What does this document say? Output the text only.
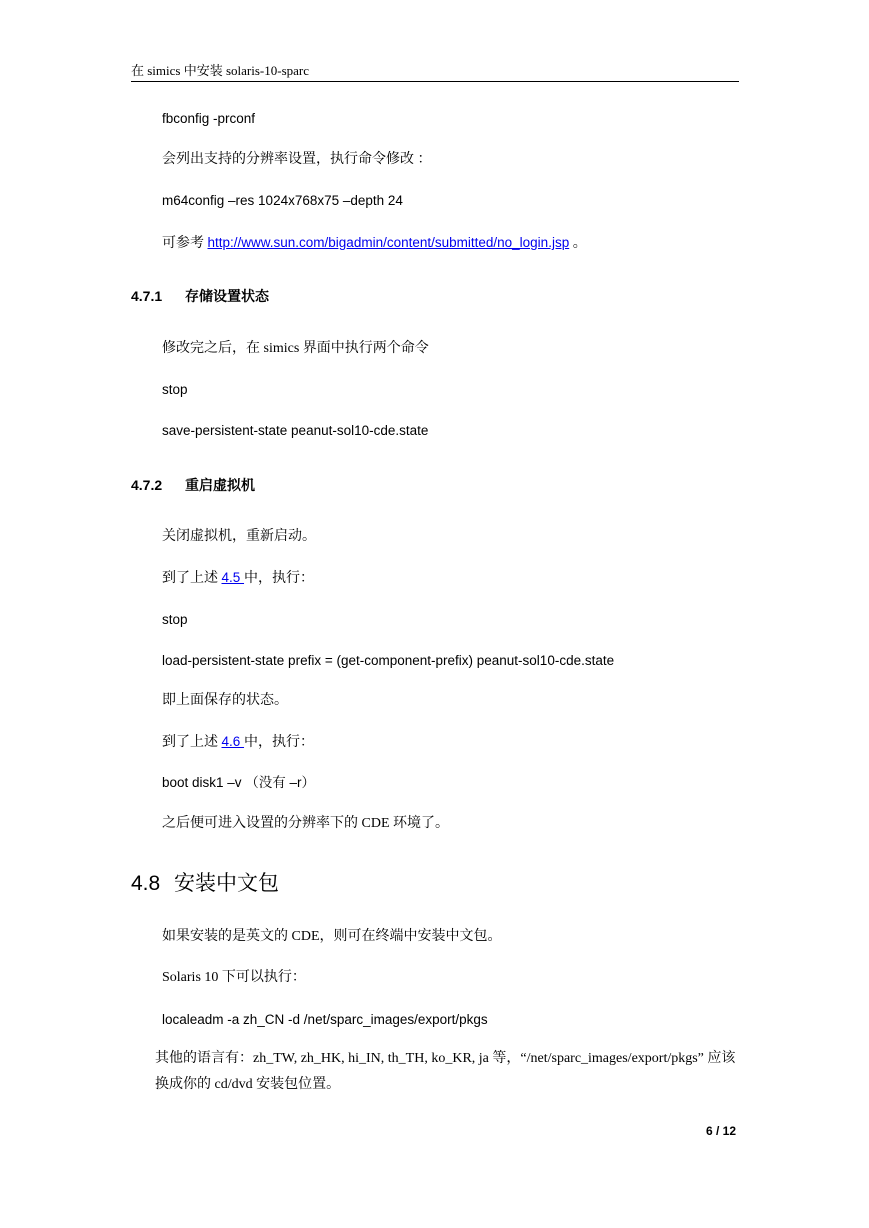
在 simics 中安装 solaris-10-sparc
fbconfig -prconf
会列出支持的分辨率设置，执行命令修改 ：
m64config –res 1024x768x75 –depth 24
可参考 http://www.sun.com/bigadmin/content/submitted/no_login.jsp 。
4.7.1 存储设置状态
修改完之后，在 simics 界面中执行两个命令
stop
save-persistent-state peanut-sol10-cde.state
4.7.2 重启虚拟机
关闭虚拟机，重新启动。
到了上述 4.5 中，执行：
stop
load-persistent-state prefix = (get-component-prefix) peanut-sol10-cde.state
即上面保存的状态。
到了上述 4.6 中，执行：
boot disk1 –v （没有 –r）
之后便可进入设置的分辨率下的 CDE 环境了。
4.8 安装中文包
如果安装的是英文的 CDE，则可在终端中安装中文包。
Solaris 10 下可以执行：
localeadm -a zh_CN -d /net/sparc_images/export/pkgs
其他的语言有：zh_TW, zh_HK, hi_IN, th_TH, ko_KR, ja 等，“/net/sparc_images/export/pkgs” 应该换成你的 cd/dvd 安装包位置。
6 / 12
